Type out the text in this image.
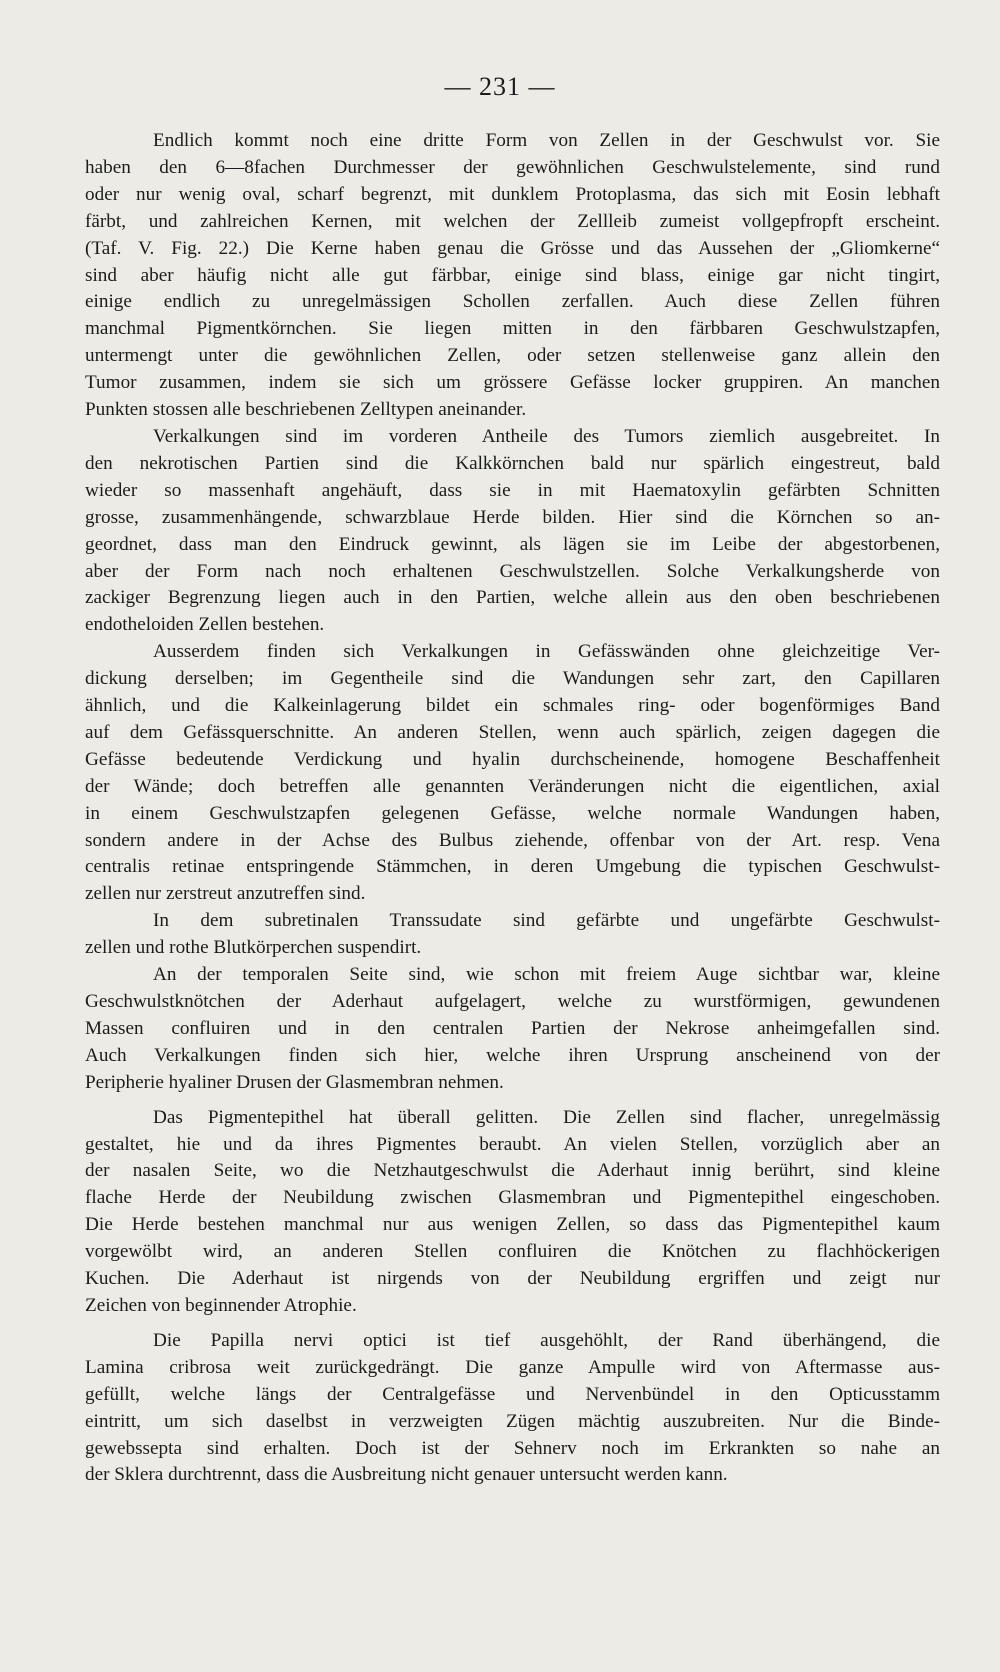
— 231 —
Endlich kommt noch eine dritte Form von Zellen in der Geschwulst vor. Sie
haben den 6—8fachen Durchmesser der gewöhnlichen Geschwulstelemente, sind rund
oder nur wenig oval, scharf begrenzt, mit dunklem Protoplasma, das sich mit Eosin lebhaft
färbt, und zahlreichen Kernen, mit welchen der Zellleib zumeist vollgepfropft erscheint.
(Taf. V. Fig. 22.) Die Kerne haben genau die Grösse und das Aussehen der „Gliomkerne“
sind aber häufig nicht alle gut färbbar, einige sind blass, einige gar nicht tingirt,
einige endlich zu unregelmässigen Schollen zerfallen. Auch diese Zellen führen
manchmal Pigmentkörnchen. Sie liegen mitten in den färbbaren Geschwulstzapfen,
untermengt unter die gewöhnlichen Zellen, oder setzen stellenweise ganz allein den
Tumor zusammen, indem sie sich um grössere Gefässe locker gruppiren. An manchen
Punkten stossen alle beschriebenen Zelltypen aneinander.
Verkalkungen sind im vorderen Antheile des Tumors ziemlich ausgebreitet. In
den nekrotischen Partien sind die Kalkkörnchen bald nur spärlich eingestreut, bald
wieder so massenhaft angehäuft, dass sie in mit Haematoxylin gefärbten Schnitten
grosse, zusammenhängende, schwarzblaue Herde bilden. Hier sind die Körnchen so an-
geordnet, dass man den Eindruck gewinnt, als lägen sie im Leibe der abgestorbenen,
aber der Form nach noch erhaltenen Geschwulstzellen. Solche Verkalkungsherde von
zackiger Begrenzung liegen auch in den Partien, welche allein aus den oben beschriebenen
endotheloiden Zellen bestehen.
Ausserdem finden sich Verkalkungen in Gefässwänden ohne gleichzeitige Ver-
dickung derselben; im Gegentheile sind die Wandungen sehr zart, den Capillaren
ähnlich, und die Kalkeinlagerung bildet ein schmales ring- oder bogenförmiges Band
auf dem Gefässquerschnitte. An anderen Stellen, wenn auch spärlich, zeigen dagegen die
Gefässe bedeutende Verdickung und hyalin durchscheinende, homogene Beschaffenheit
der Wände; doch betreffen alle genannten Veränderungen nicht die eigentlichen, axial
in einem Geschwulstzapfen gelegenen Gefässe, welche normale Wandungen haben,
sondern andere in der Achse des Bulbus ziehende, offenbar von der Art. resp. Vena
centralis retinae entspringende Stämmchen, in deren Umgebung die typischen Geschwulst-
zellen nur zerstreut anzutreffen sind.
In dem subretinalen Transsudate sind gefärbte und ungefärbte Geschwulst-
zellen und rothe Blutkörperchen suspendirt.
An der temporalen Seite sind, wie schon mit freiem Auge sichtbar war, kleine
Geschwulstknötchen der Aderhaut aufgelagert, welche zu wurstförmigen, gewundenen
Massen confluiren und in den centralen Partien der Nekrose anheimgefallen sind.
Auch Verkalkungen finden sich hier, welche ihren Ursprung anscheinend von der
Peripherie hyaliner Drusen der Glasmembran nehmen.
Das Pigmentepithel hat überall gelitten. Die Zellen sind flacher, unregelmässig
gestaltet, hie und da ihres Pigmentes beraubt. An vielen Stellen, vorzüglich aber an
der nasalen Seite, wo die Netzhautgeschwulst die Aderhaut innig berührt, sind kleine
flache Herde der Neubildung zwischen Glasmembran und Pigmentepithel eingeschoben.
Die Herde bestehen manchmal nur aus wenigen Zellen, so dass das Pigmentepithel kaum
vorgewölbt wird, an anderen Stellen confluiren die Knötchen zu flachhöckerigen
Kuchen. Die Aderhaut ist nirgends von der Neubildung ergriffen und zeigt nur
Zeichen von beginnender Atrophie.
Die Papilla nervi optici ist tief ausgehöhlt, der Rand überhängend, die
Lamina cribrosa weit zurückgedrängt. Die ganze Ampulle wird von Aftermasse aus-
gefüllt, welche längs der Centralgefässe und Nervenbündel in den Opticusstamm
eintritt, um sich daselbst in verzweigten Zügen mächtig auszubreiten. Nur die Binde-
gewebssepta sind erhalten. Doch ist der Sehnerv noch im Erkrankten so nahe an
der Sklera durchtrennt, dass die Ausbreitung nicht genauer untersucht werden kann.
